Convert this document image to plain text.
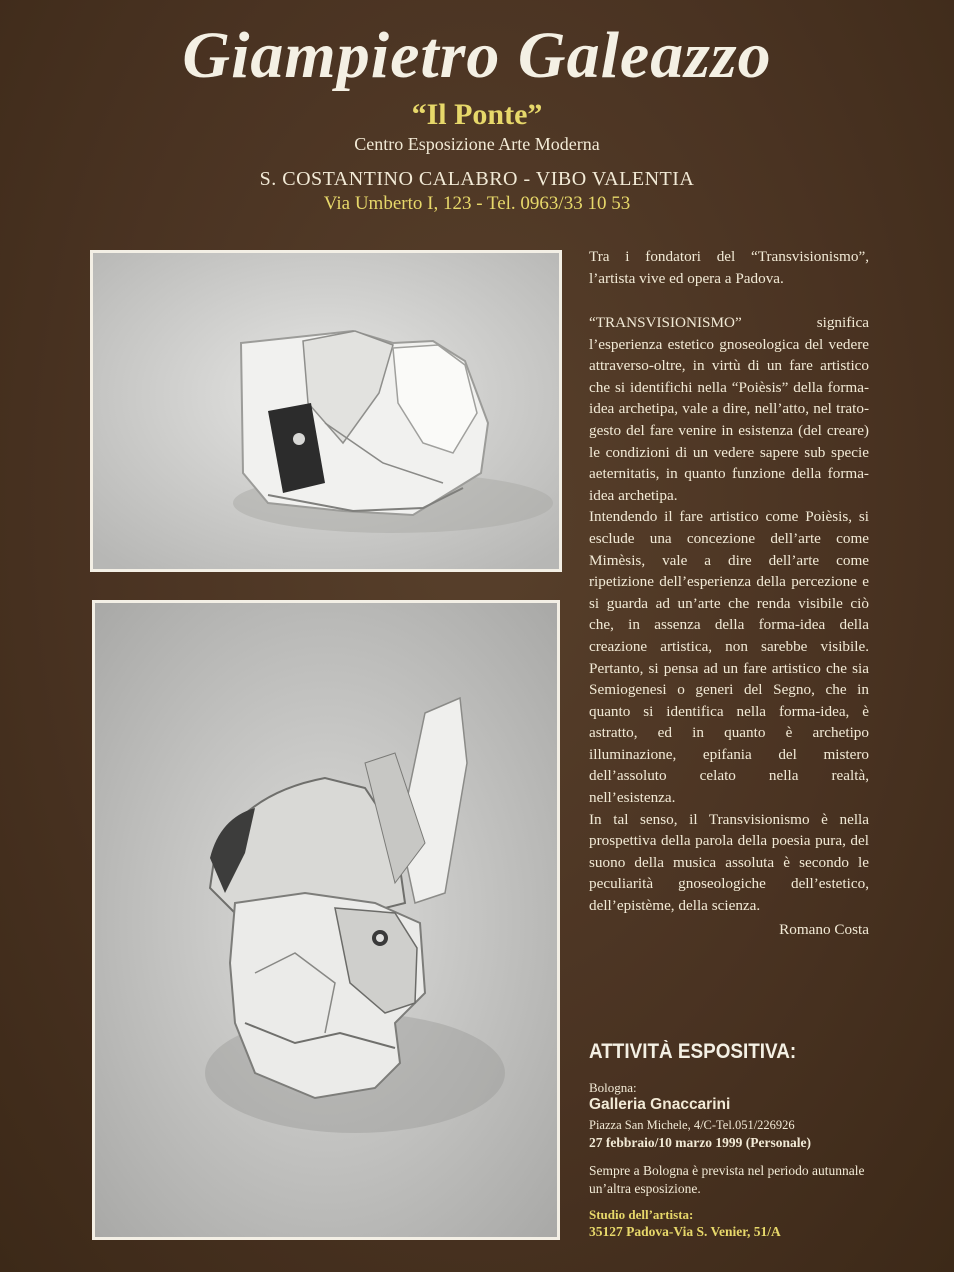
Giampietro Galeazzo
“Il Ponte”
Centro Esposizione Arte Moderna
S. COSTANTINO CALABRO - VIBO VALENTIA
Via Umberto I, 123 - Tel. 0963/33 10 53
Tra i fondatori del “Transvisionismo”, l’artista vive ed opera a Padova.
“TRANSVISIONISMO” significa l’esperienza estetico gnoseologica del vedere attraverso-oltre, in virtù di un fare artistico che si identifichi nella “Poièsis” della forma-idea archetipa, vale a dire, nell’atto, nel trato-gesto del fare venire in esistenza (del creare) le condizioni di un vedere sapere sub specie aeternitatis, in quanto funzione della forma-idea archetipa.
Intendendo il fare artistico come Poièsis, si esclude una concezione dell’arte come Mimèsis, vale a dire dell’arte come ripetizione dell’esperienza della percezione e si guarda ad un’arte che renda visibile ciò che, in assenza della forma-idea della creazione artistica, non sarebbe visibile. Pertanto, si pensa ad un fare artistico che sia Semiogenesi o generi del Segno, che in quanto si identifica nella forma-idea, è astratto, ed in quanto è archetipo illuminazione, epifania del mistero dell’assoluto celato nella realtà, nell’esistenza.
In tal senso, il Transvisionismo è nella prospettiva della parola della poesia pura, del suono della musica assoluta è secondo le peculiarità gnoseologiche dell’estetico, dell’epistème, della scienza.
Romano Costa
ATTIVITÀ ESPOSITIVA:
Bologna:
Galleria Gnaccarini
Piazza San Michele, 4/C-Tel.051/226926
27 febbraio/10 marzo 1999 (Personale)
Sempre a Bologna è prevista nel periodo autunnale un’altra esposizione.
Studio dell’artista:
35127 Padova-Via S. Venier, 51/A
